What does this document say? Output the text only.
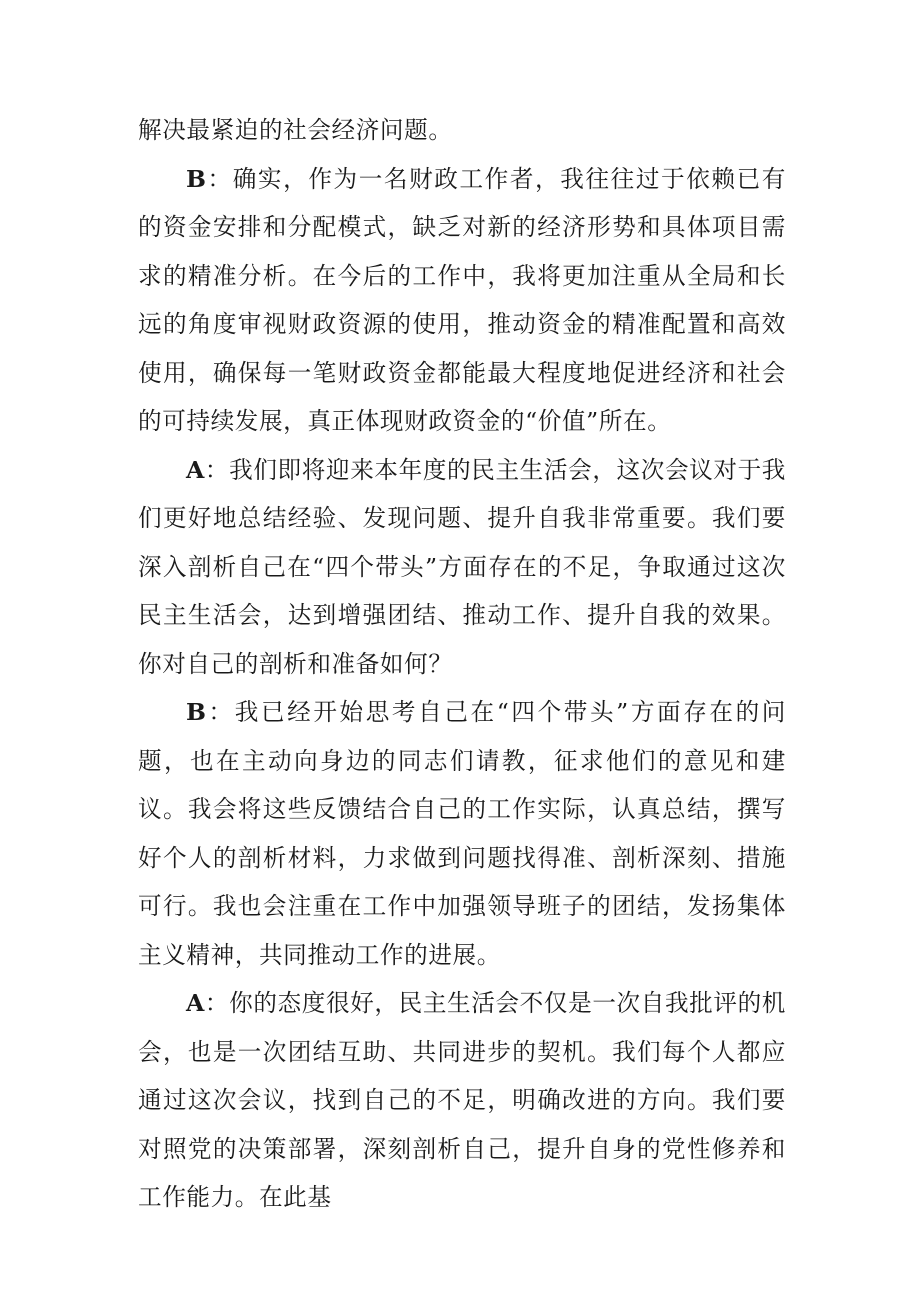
解决最紧迫的社会经济问题。

B：确实，作为一名财政工作者，我往往过于依赖已有的资金安排和分配模式，缺乏对新的经济形势和具体项目需求的精准分析。在今后的工作中，我将更加注重从全局和长远的角度审视财政资源的使用，推动资金的精准配置和高效使用，确保每一笔财政资金都能最大程度地促进经济和社会的可持续发展，真正体现财政资金的“价值”所在。

A：我们即将迎来本年度的民主生活会，这次会议对于我们更好地总结经验、发现问题、提升自我非常重要。我们要深入剖析自己在“四个带头”方面存在的不足，争取通过这次民主生活会，达到增强团结、推动工作、提升自我的效果。你对自己的剖析和准备如何？

B：我已经开始思考自己在“四个带头”方面存在的问题，也在主动向身边的同志们请教，征求他们的意见和建议。我会将这些反馈结合自己的工作实际，认真总结，撰写好个人的剖析材料，力求做到问题找得准、剖析深刻、措施可行。我也会注重在工作中加强领导班子的团结，发扬集体主义精神，共同推动工作的进展。

A：你的态度很好，民主生活会不仅是一次自我批评的机会，也是一次团结互助、共同进步的契机。我们每个人都应通过这次会议，找到自己的不足，明确改进的方向。我们要对照党的决策部署，深刻剖析自己，提升自身的党性修养和工作能力。在此基
